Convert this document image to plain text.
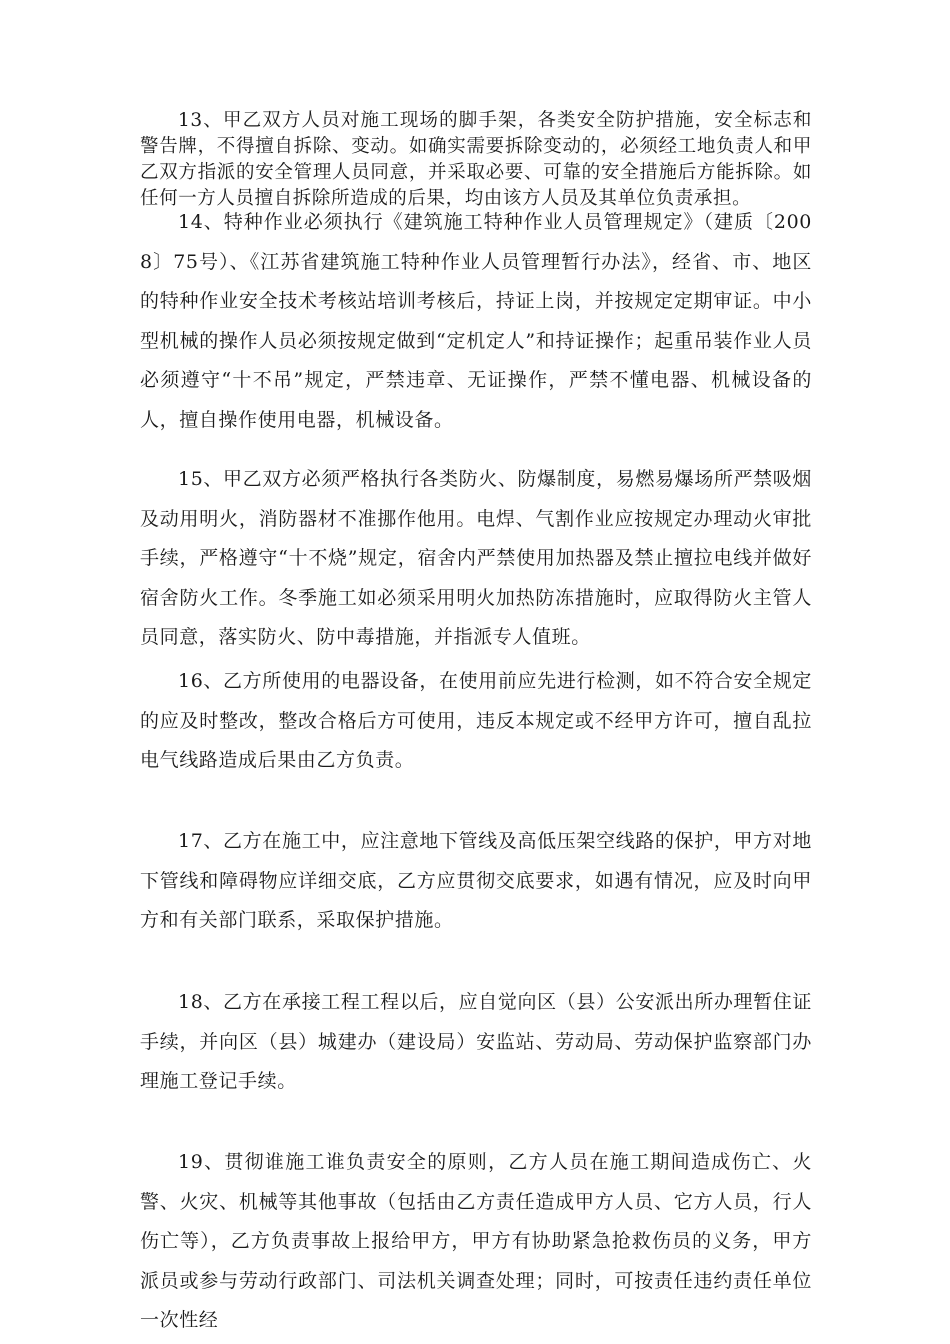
13、甲乙双方人员对施工现场的脚手架，各类安全防护措施，安全标志和警告牌，不得擅自拆除、变动。如确实需要拆除变动的，必须经工地负责人和甲乙双方指派的安全管理人员同意，并采取必要、可靠的安全措施后方能拆除。如任何一方人员擅自拆除所造成的后果，均由该方人员及其单位负责承担。

14、特种作业必须执行《建筑施工特种作业人员管理规定》（建质〔2008〕75号）、《江苏省建筑施工特种作业人员管理暂行办法》，经省、市、地区的特种作业安全技术考核站培训考核后，持证上岗，并按规定定期审证。中小型机械的操作人员必须按规定做到“定机定人”和持证操作；起重吊装作业人员必须遵守“十不吊”规定，严禁违章、无证操作，严禁不懂电器、机械设备的人，擅自操作使用电器，机械设备。

15、甲乙双方必须严格执行各类防火、防爆制度，易燃易爆场所严禁吸烟及动用明火，消防器材不准挪作他用。电焊、气割作业应按规定办理动火审批手续，严格遵守“十不烧”规定，宿舍内严禁使用加热器及禁止擅拉电线并做好宿舍防火工作。冬季施工如必须采用明火加热防冻措施时，应取得防火主管人员同意，落实防火、防中毒措施，并指派专人值班。

16、乙方所使用的电器设备，在使用前应先进行检测，如不符合安全规定的应及时整改，整改合格后方可使用，违反本规定或不经甲方许可，擅自乱拉电气线路造成后果由乙方负责。

17、乙方在施工中，应注意地下管线及高低压架空线路的保护，甲方对地下管线和障碍物应详细交底，乙方应贯彻交底要求，如遇有情况，应及时向甲方和有关部门联系，采取保护措施。

18、乙方在承接工程工程以后，应自觉向区（县）公安派出所办理暂住证手续，并向区（县）城建办（建设局）安监站、劳动局、劳动保护监察部门办理施工登记手续。

19、贯彻谁施工谁负责安全的原则，乙方人员在施工期间造成伤亡、火警、火灾、机械等其他事故（包括由乙方责任造成甲方人员、它方人员，行人伤亡等），乙方负责事故上报给甲方，甲方有协助紧急抢救伤员的义务，甲方派员或参与劳动行政部门、司法机关调查处理；同时，可按责任违约责任单位一次性经
